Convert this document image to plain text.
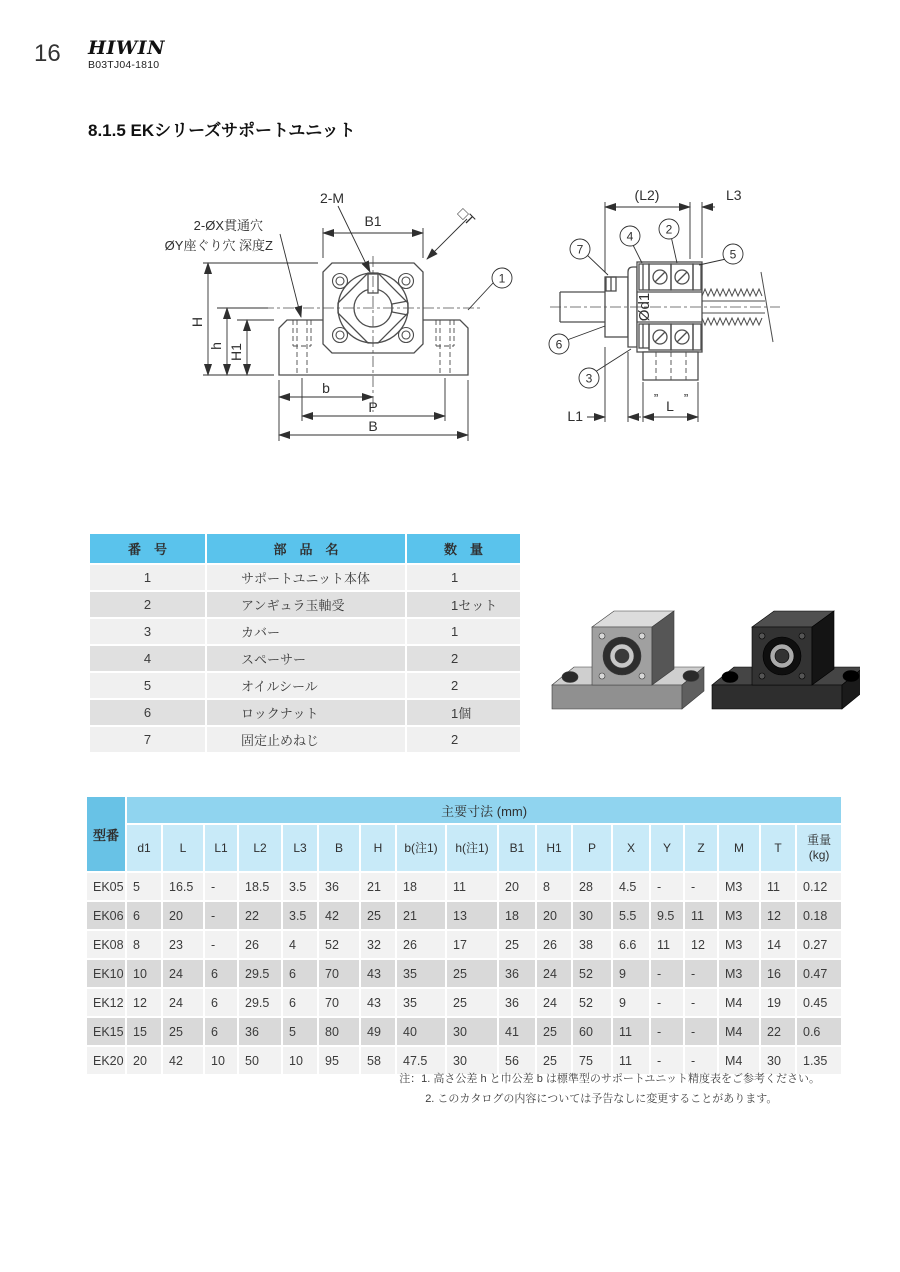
16 HIWIN
B03TJ04-1810
8.1.5 EKシリーズサポートユニット
2-M
2-ØX貫通穴
ØY座ぐり穴 深度Z
B1	□T
H
h H1
b
P
B
1
(L2)	L3
L1
L
Ød1
” ”
7
4	2
5
6
3
番　号	部　品　名	数　量
1	サポートユニット本体	1
2	アンギュラ玉軸受	1セット
3	カバー	1
4	スペーサー	2
5	オイルシール	2
6	ロックナット	1個
7	固定止めねじ	2
型番	主要寸法 (mm)																	
	d1	L	L1	L2	L3	B	H	b(注1)	h(注1)	B1	H1	P	X	Y	Z	M	T	重量
(kg)
EK05	5	16.5	-	18.5	3.5	36	21	18	11	20	8	28	4.5	-	-	M3	11	0.12
EK06	6	20	-	22	3.5	42	25	21	13	18	20	30	5.5	9.5	11	M3	12	0.18
EK08	8	23	-	26	4	52	32	26	17	25	26	38	6.6	11	12	M3	14	0.27
EK10	10	24	6	29.5	6	70	43	35	25	36	24	52	9	-	-	M3	16	0.47
EK12	12	24	6	29.5	6	70	43	35	25	36	24	52	9	-	-	M4	19	0.45
EK15	15	25	6	36	5	80	49	40	30	41	25	60	11	-	-	M4	22	0.6
EK20	20	42	10	50	10	95	58	47.5	30	56	25	75	11	-	-	M4	30	1.35
注：1. 高さ公差 h と巾公差 b は標準型のサポートユニット精度表をご参考ください。
2. このカタログの内容については予告なしに変更することがあります。
